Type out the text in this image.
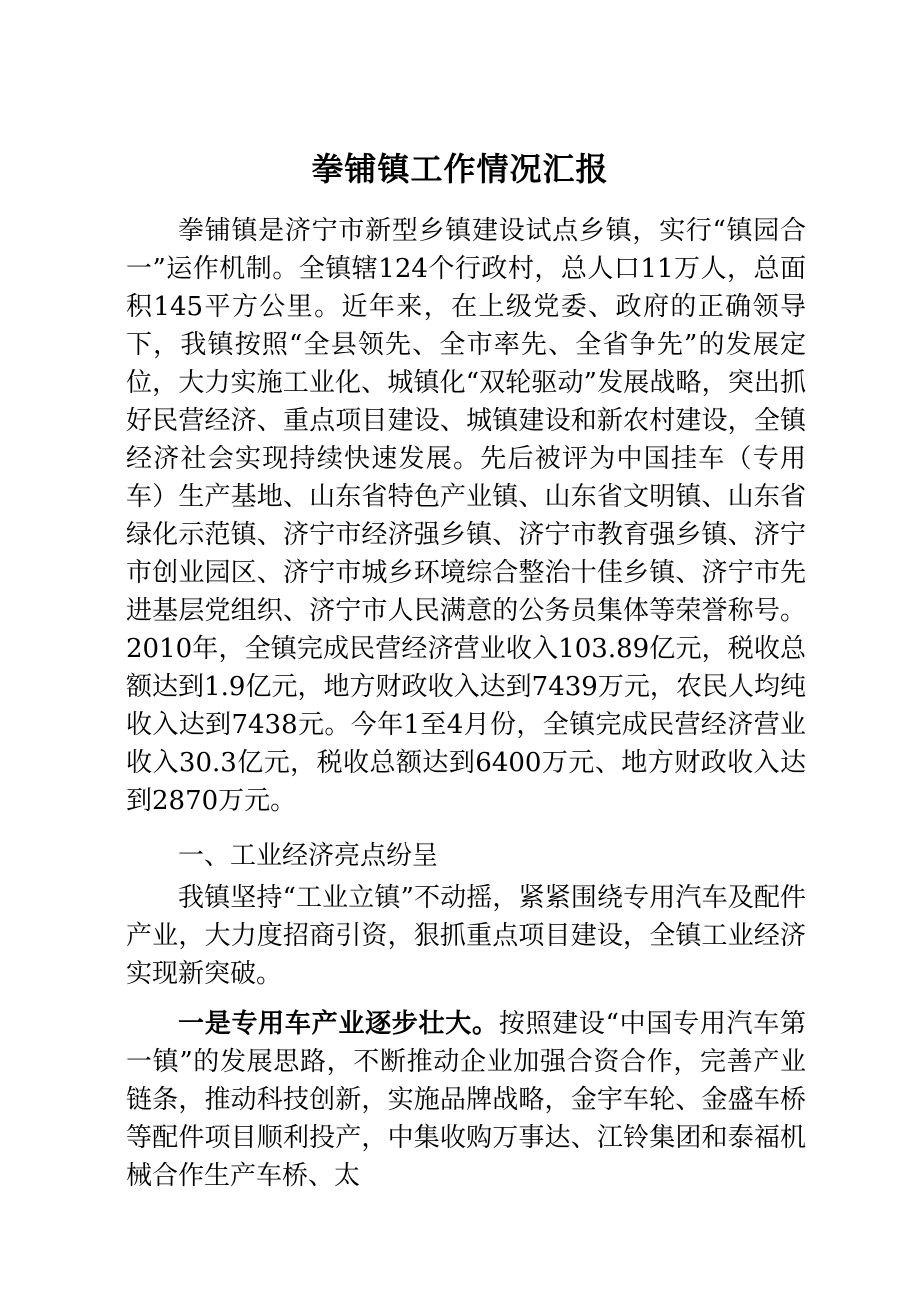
拳铺镇工作情况汇报

拳铺镇是济宁市新型乡镇建设试点乡镇，实行“镇园合一”运作机制。全镇辖124个行政村，总人口11万人，总面积145平方公里。近年来，在上级党委、政府的正确领导下，我镇按照“全县领先、全市率先、全省争先”的发展定位，大力实施工业化、城镇化“双轮驱动”发展战略，突出抓好民营经济、重点项目建设、城镇建设和新农村建设，全镇经济社会实现持续快速发展。先后被评为中国挂车（专用车）生产基地、山东省特色产业镇、山东省文明镇、山东省绿化示范镇、济宁市经济强乡镇、济宁市教育强乡镇、济宁市创业园区、济宁市城乡环境综合整治十佳乡镇、济宁市先进基层党组织、济宁市人民满意的公务员集体等荣誉称号。2010年，全镇完成民营经济营业收入103.89亿元，税收总额达到1.9亿元，地方财政收入达到7439万元，农民人均纯收入达到7438元。今年1至4月份，全镇完成民营经济营业收入30.3亿元，税收总额达到6400万元、地方财政收入达到2870万元。

一、工业经济亮点纷呈

我镇坚持“工业立镇”不动摇，紧紧围绕专用汽车及配件产业，大力度招商引资，狠抓重点项目建设，全镇工业经济实现新突破。

一是专用车产业逐步壮大。按照建设“中国专用汽车第一镇”的发展思路，不断推动企业加强合资合作，完善产业链条，推动科技创新，实施品牌战略，金宇车轮、金盛车桥等配件项目顺利投产，中集收购万事达、江铃集团和泰福机械合作生产车桥、太
